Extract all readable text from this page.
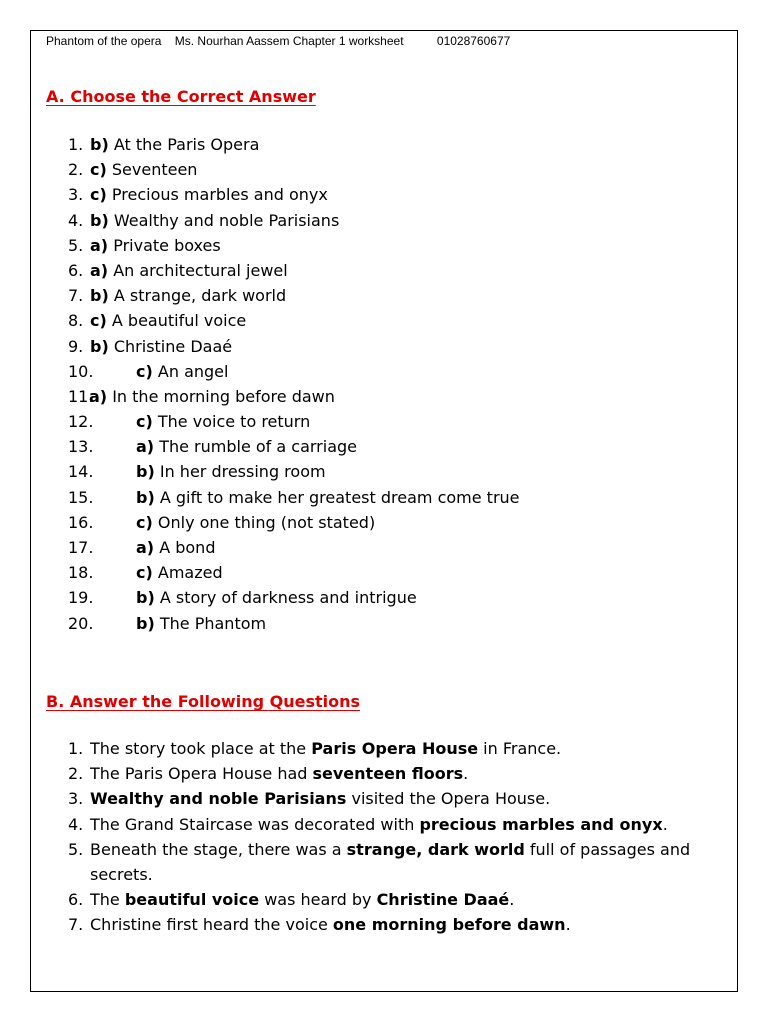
Phantom of the opera Ms. Nourhan Aassem Chapter 1 worksheet	01028760677
A. Choose the Correct Answer
1. b) At the Paris Opera
2. c) Seventeen
3. c) Precious marbles and onyx
4. b) Wealthy and noble Parisians
5. a) Private boxes
6. a) An architectural jewel
7. b) A strange, dark world
8. c) A beautiful voice
9. b) Christine Daaé
10.	c) An angel
11.a) In the morning before dawn
12.	c) The voice to return
13.	a) The rumble of a carriage
14.	b) In her dressing room
15.	b) A gift to make her greatest dream come true
16.	c) Only one thing (not stated)
17.	a) A bond
18.	c) Amazed
19.	b) A story of darkness and intrigue
20.	b) The Phantom
B. Answer the Following Questions
1. The story took place at the Paris Opera House in France.
2. The Paris Opera House had seventeen floors.
3. Wealthy and noble Parisians visited the Opera House.
4. The Grand Staircase was decorated with precious marbles and onyx.
5. Beneath the stage, there was a strange, dark world full of passages and secrets.
6. The beautiful voice was heard by Christine Daaé.
7. Christine first heard the voice one morning before dawn.
